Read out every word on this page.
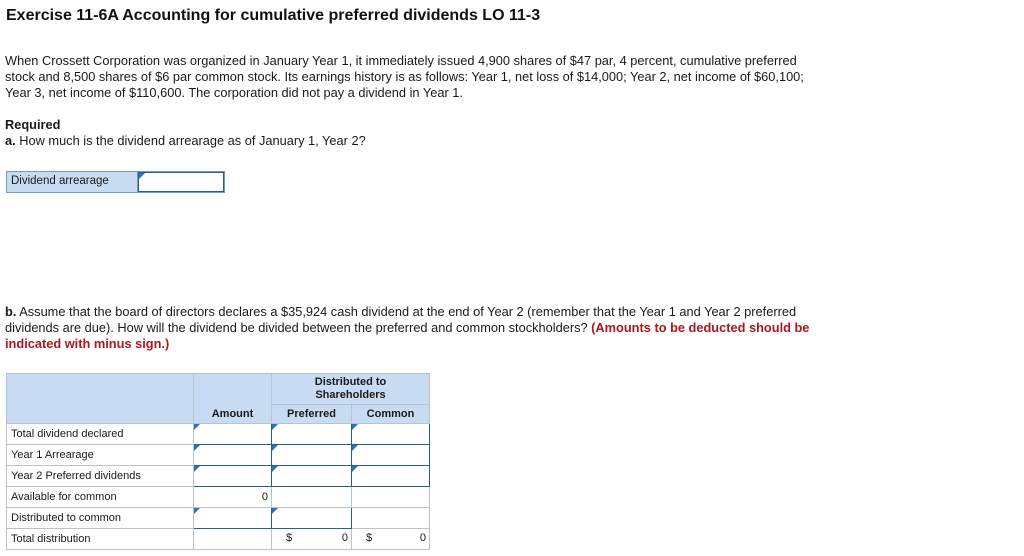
Exercise 11-6A Accounting for cumulative preferred dividends LO 11-3
When Crossett Corporation was organized in January Year 1, it immediately issued 4,900 shares of $47 par, 4 percent, cumulative preferred stock and 8,500 shares of $6 par common stock. Its earnings history is as follows: Year 1, net loss of $14,000; Year 2, net income of $60,100; Year 3, net income of $110,600. The corporation did not pay a dividend in Year 1.
Required
a. How much is the dividend arrearage as of January 1, Year 2?
Dividend arrearage
b. Assume that the board of directors declares a $35,924 cash dividend at the end of Year 2 (remember that the Year 1 and Year 2 preferred dividends are due). How will the dividend be divided between the preferred and common stockholders? (Amounts to be deducted should be indicated with minus sign.)
		Distributed to Shareholders	
	Amount	Preferred	Common
Total dividend declared	

Year 1 Arrearage	

Year 2 Preferred dividends	

Available for common	0		
Distributed to common	

Total distribution		$ 0	$ 0
